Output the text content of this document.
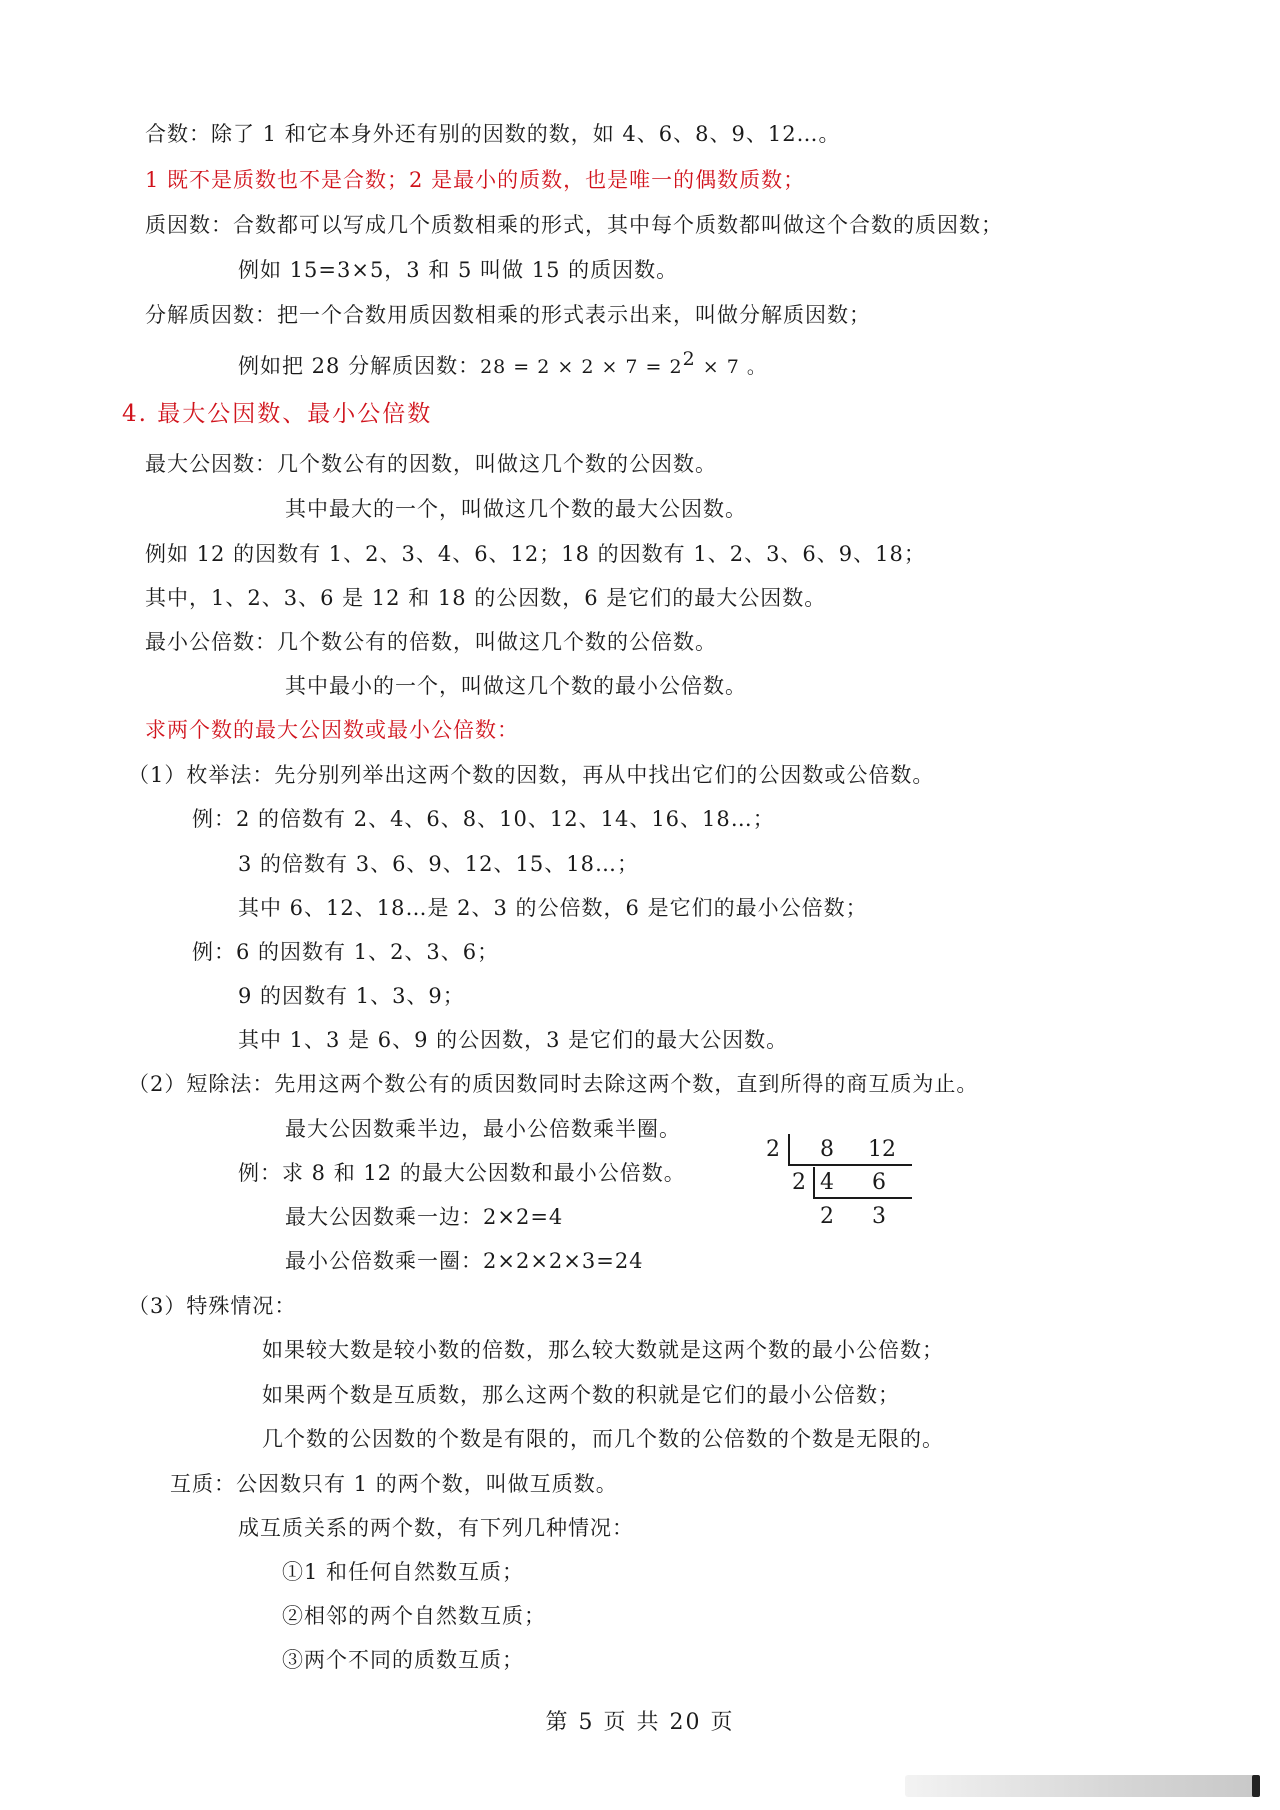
合数：除了 1 和它本身外还有别的因数的数，如 4、6、8、9、12…。
1 既不是质数也不是合数；2 是最小的质数，也是唯一的偶数质数；
质因数：合数都可以写成几个质数相乘的形式，其中每个质数都叫做这个合数的质因数；
例如 15=3×5，3 和 5 叫做 15 的质因数。
分解质因数：把一个合数用质因数相乘的形式表示出来，叫做分解质因数；
例如把 28 分解质因数：28 = 2 × 2 × 7 = 22 × 7 。
4. 最大公因数、最小公倍数
最大公因数：几个数公有的因数，叫做这几个数的公因数。
其中最大的一个，叫做这几个数的最大公因数。
例如 12 的因数有 1、2、3、4、6、12；18 的因数有 1、2、3、6、9、18；
其中，1、2、3、6 是 12 和 18 的公因数，6 是它们的最大公因数。
最小公倍数：几个数公有的倍数，叫做这几个数的公倍数。
其中最小的一个，叫做这几个数的最小公倍数。
求两个数的最大公因数或最小公倍数：
（1）枚举法：先分别列举出这两个数的因数，再从中找出它们的公因数或公倍数。
例：2 的倍数有 2、4、6、8、10、12、14、16、18…；
3 的倍数有 3、6、9、12、15、18…；
其中 6、12、18…是 2、3 的公倍数，6 是它们的最小公倍数；
例：6 的因数有 1、2、3、6；
9 的因数有 1、3、9；
其中 1、3 是 6、9 的公因数，3 是它们的最大公因数。
（2）短除法：先用这两个数公有的质因数同时去除这两个数，直到所得的商互质为止。
最大公因数乘半边，最小公倍数乘半圈。
例：求 8 和 12 的最大公因数和最小公倍数。
最大公因数乘一边：2×2=4
最小公倍数乘一圈：2×2×2×3=24
2 8 12
2 4 6
2 3
（3）特殊情况：
如果较大数是较小数的倍数，那么较大数就是这两个数的最小公倍数；
如果两个数是互质数，那么这两个数的积就是它们的最小公倍数；
几个数的公因数的个数是有限的，而几个数的公倍数的个数是无限的。
互质：公因数只有 1 的两个数，叫做互质数。
成互质关系的两个数，有下列几种情况：
①1 和任何自然数互质；
②相邻的两个自然数互质；
③两个不同的质数互质；
第 5 页 共 20 页
